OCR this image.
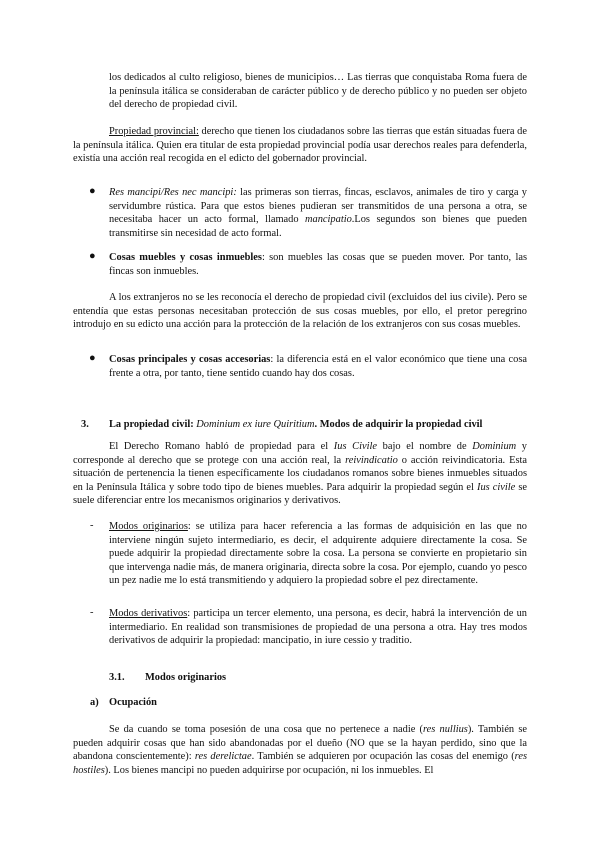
los dedicados al culto religioso, bienes de municipios… Las tierras que conquistaba Roma fuera de la península itálica se consideraban de carácter público y de derecho público y no pueden ser objeto del derecho de propiedad civil.

Propiedad provincial: derecho que tienen los ciudadanos sobre las tierras que están situadas fuera de la península itálica. Quien era titular de esta propiedad provincial podía usar derechos reales para defenderla, existía una acción real recogida en el edicto del gobernador provincial.

● Res mancipi/Res nec mancipi: las primeras son tierras, fincas, esclavos, animales de tiro y carga y servidumbre rústica. Para que estos bienes pudieran ser transmitidos de una persona a otra, se necesitaba hacer un acto formal, llamado mancipatio.Los segundos son bienes que pueden transmitirse sin necesidad de acto formal.

● Cosas muebles y cosas inmuebles: son muebles las cosas que se pueden mover. Por tanto, las fincas son inmuebles.

A los extranjeros no se les reconocía el derecho de propiedad civil (excluidos del ius civile). Pero se entendía que estas personas necesitaban protección de sus cosas muebles, por ello, el pretor peregrino introdujo en su edicto una acción para la protección de la relación de los extranjeros con sus cosas muebles.

● Cosas principales y cosas accesorias: la diferencia está en el valor económico que tiene una cosa frente a otra, por tanto, tiene sentido cuando hay dos cosas.

3. La propiedad civil: Dominium ex iure Quiritium. Modos de adquirir la propiedad civil

El Derecho Romano habló de propiedad para el Ius Civile bajo el nombre de Dominium y corresponde al derecho que se protege con una acción real, la reivindicatio o acción reivindicatoria. Esta situación de pertenencia la tienen específicamente los ciudadanos romanos sobre bienes inmuebles situados en la Península Itálica y sobre todo tipo de bienes muebles. Para adquirir la propiedad según el Ius civile se suele diferenciar entre los mecanismos originarios y derivativos.

- Modos originarios: se utiliza para hacer referencia a las formas de adquisición en las que no interviene ningún sujeto intermediario, es decir, el adquirente adquiere directamente la cosa. Se puede adquirir la propiedad directamente sobre la cosa. La persona se convierte en propietario sin que intervenga nadie más, de manera originaria, directa sobre la cosa. Por ejemplo, cuando yo pesco un pez nadie me lo está transmitiendo y adquiero la propiedad sobre el pez directamente.

- Modos derivativos: participa un tercer elemento, una persona, es decir, habrá la intervención de un intermediario. En realidad son transmisiones de propiedad de una persona a otra. Hay tres modos derivativos de adquirir la propiedad: mancipatio, in iure cessio y traditio.

3.1. Modos originarios
a) Ocupación

Se da cuando se toma posesión de una cosa que no pertenece a nadie (res nullius). También se pueden adquirir cosas que han sido abandonadas por el dueño (NO que se la hayan perdido, sino que la abandona conscientemente): res derelictae. También se adquieren por ocupación las cosas del enemigo (res hostiles). Los bienes mancipi no pueden adquirirse por ocupación, ni los inmuebles. El
